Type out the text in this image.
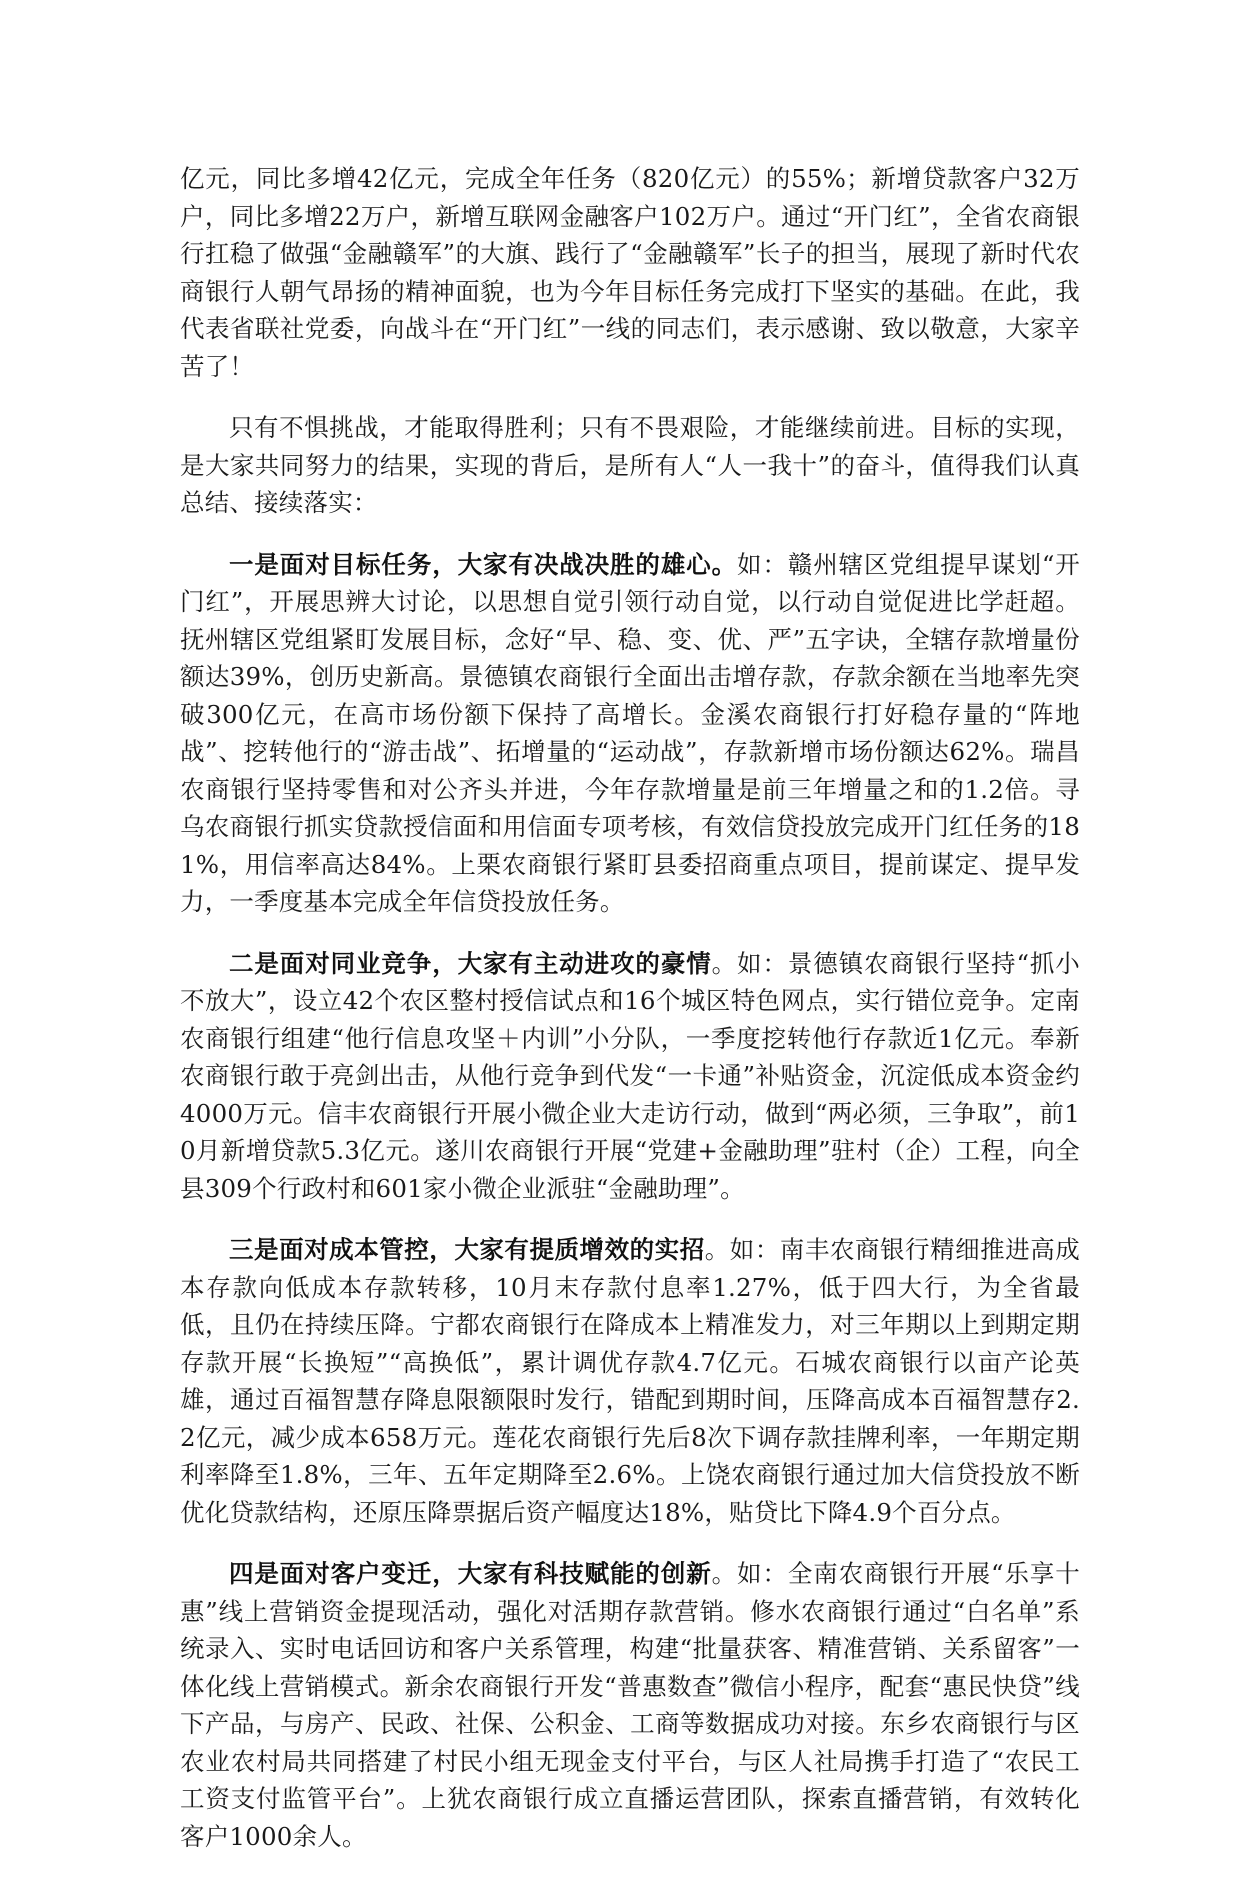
亿元，同比多增42亿元，完成全年任务（820亿元）的55%；新增贷款客户32万户，同比多增22万户，新增互联网金融客户102万户。通过“开门红”，全省农商银行扛稳了做强“金融赣军”的大旗、践行了“金融赣军”长子的担当，展现了新时代农商银行人朝气昂扬的精神面貌，也为今年目标任务完成打下坚实的基础。在此，我代表省联社党委，向战斗在“开门红”一线的同志们，表示感谢、致以敬意，大家辛苦了！

只有不惧挑战，才能取得胜利；只有不畏艰险，才能继续前进。目标的实现，是大家共同努力的结果，实现的背后，是所有人“人一我十”的奋斗，值得我们认真总结、接续落实：

一是面对目标任务，大家有决战决胜的雄心。如：赣州辖区党组提早谋划“开门红”，开展思辨大讨论，以思想自觉引领行动自觉，以行动自觉促进比学赶超。抚州辖区党组紧盯发展目标，念好“早、稳、变、优、严”五字诀，全辖存款增量份额达39%，创历史新高。景德镇农商银行全面出击增存款，存款余额在当地率先突破300亿元，在高市场份额下保持了高增长。金溪农商银行打好稳存量的“阵地战”、挖转他行的“游击战”、拓增量的“运动战”，存款新增市场份额达62%。瑞昌农商银行坚持零售和对公齐头并进，今年存款增量是前三年增量之和的1.2倍。寻乌农商银行抓实贷款授信面和用信面专项考核，有效信贷投放完成开门红任务的181%，用信率高达84%。上栗农商银行紧盯县委招商重点项目，提前谋定、提早发力，一季度基本完成全年信贷投放任务。

二是面对同业竞争，大家有主动进攻的豪情。如：景德镇农商银行坚持“抓小不放大”，设立42个农区整村授信试点和16个城区特色网点，实行错位竞争。定南农商银行组建“他行信息攻坚＋内训”小分队，一季度挖转他行存款近1亿元。奉新农商银行敢于亮剑出击，从他行竞争到代发“一卡通”补贴资金，沉淀低成本资金约4000万元。信丰农商银行开展小微企业大走访行动，做到“两必须，三争取”，前10月新增贷款5.3亿元。遂川农商银行开展“党建+金融助理”驻村（企）工程，向全县309个行政村和601家小微企业派驻“金融助理”。

三是面对成本管控，大家有提质增效的实招。如：南丰农商银行精细推进高成本存款向低成本存款转移，10月末存款付息率1.27%，低于四大行，为全省最低，且仍在持续压降。宁都农商银行在降成本上精准发力，对三年期以上到期定期存款开展“长换短”“高换低”，累计调优存款4.7亿元。石城农商银行以亩产论英雄，通过百福智慧存降息限额限时发行，错配到期时间，压降高成本百福智慧存2.2亿元，减少成本658万元。莲花农商银行先后8次下调存款挂牌利率，一年期定期利率降至1.8%，三年、五年定期降至2.6%。上饶农商银行通过加大信贷投放不断优化贷款结构，还原压降票据后资产幅度达18%，贴贷比下降4.9个百分点。

四是面对客户变迁，大家有科技赋能的创新。如：全南农商银行开展“乐享十惠”线上营销资金提现活动，强化对活期存款营销。修水农商银行通过“白名单”系统录入、实时电话回访和客户关系管理，构建“批量获客、精准营销、关系留客”一体化线上营销模式。新余农商银行开发“普惠数查”微信小程序，配套“惠民快贷”线下产品，与房产、民政、社保、公积金、工商等数据成功对接。东乡农商银行与区农业农村局共同搭建了村民小组无现金支付平台，与区人社局携手打造了“农民工工资支付监管平台”。上犹农商银行成立直播运营团队，探索直播营销，有效转化客户1000余人。
